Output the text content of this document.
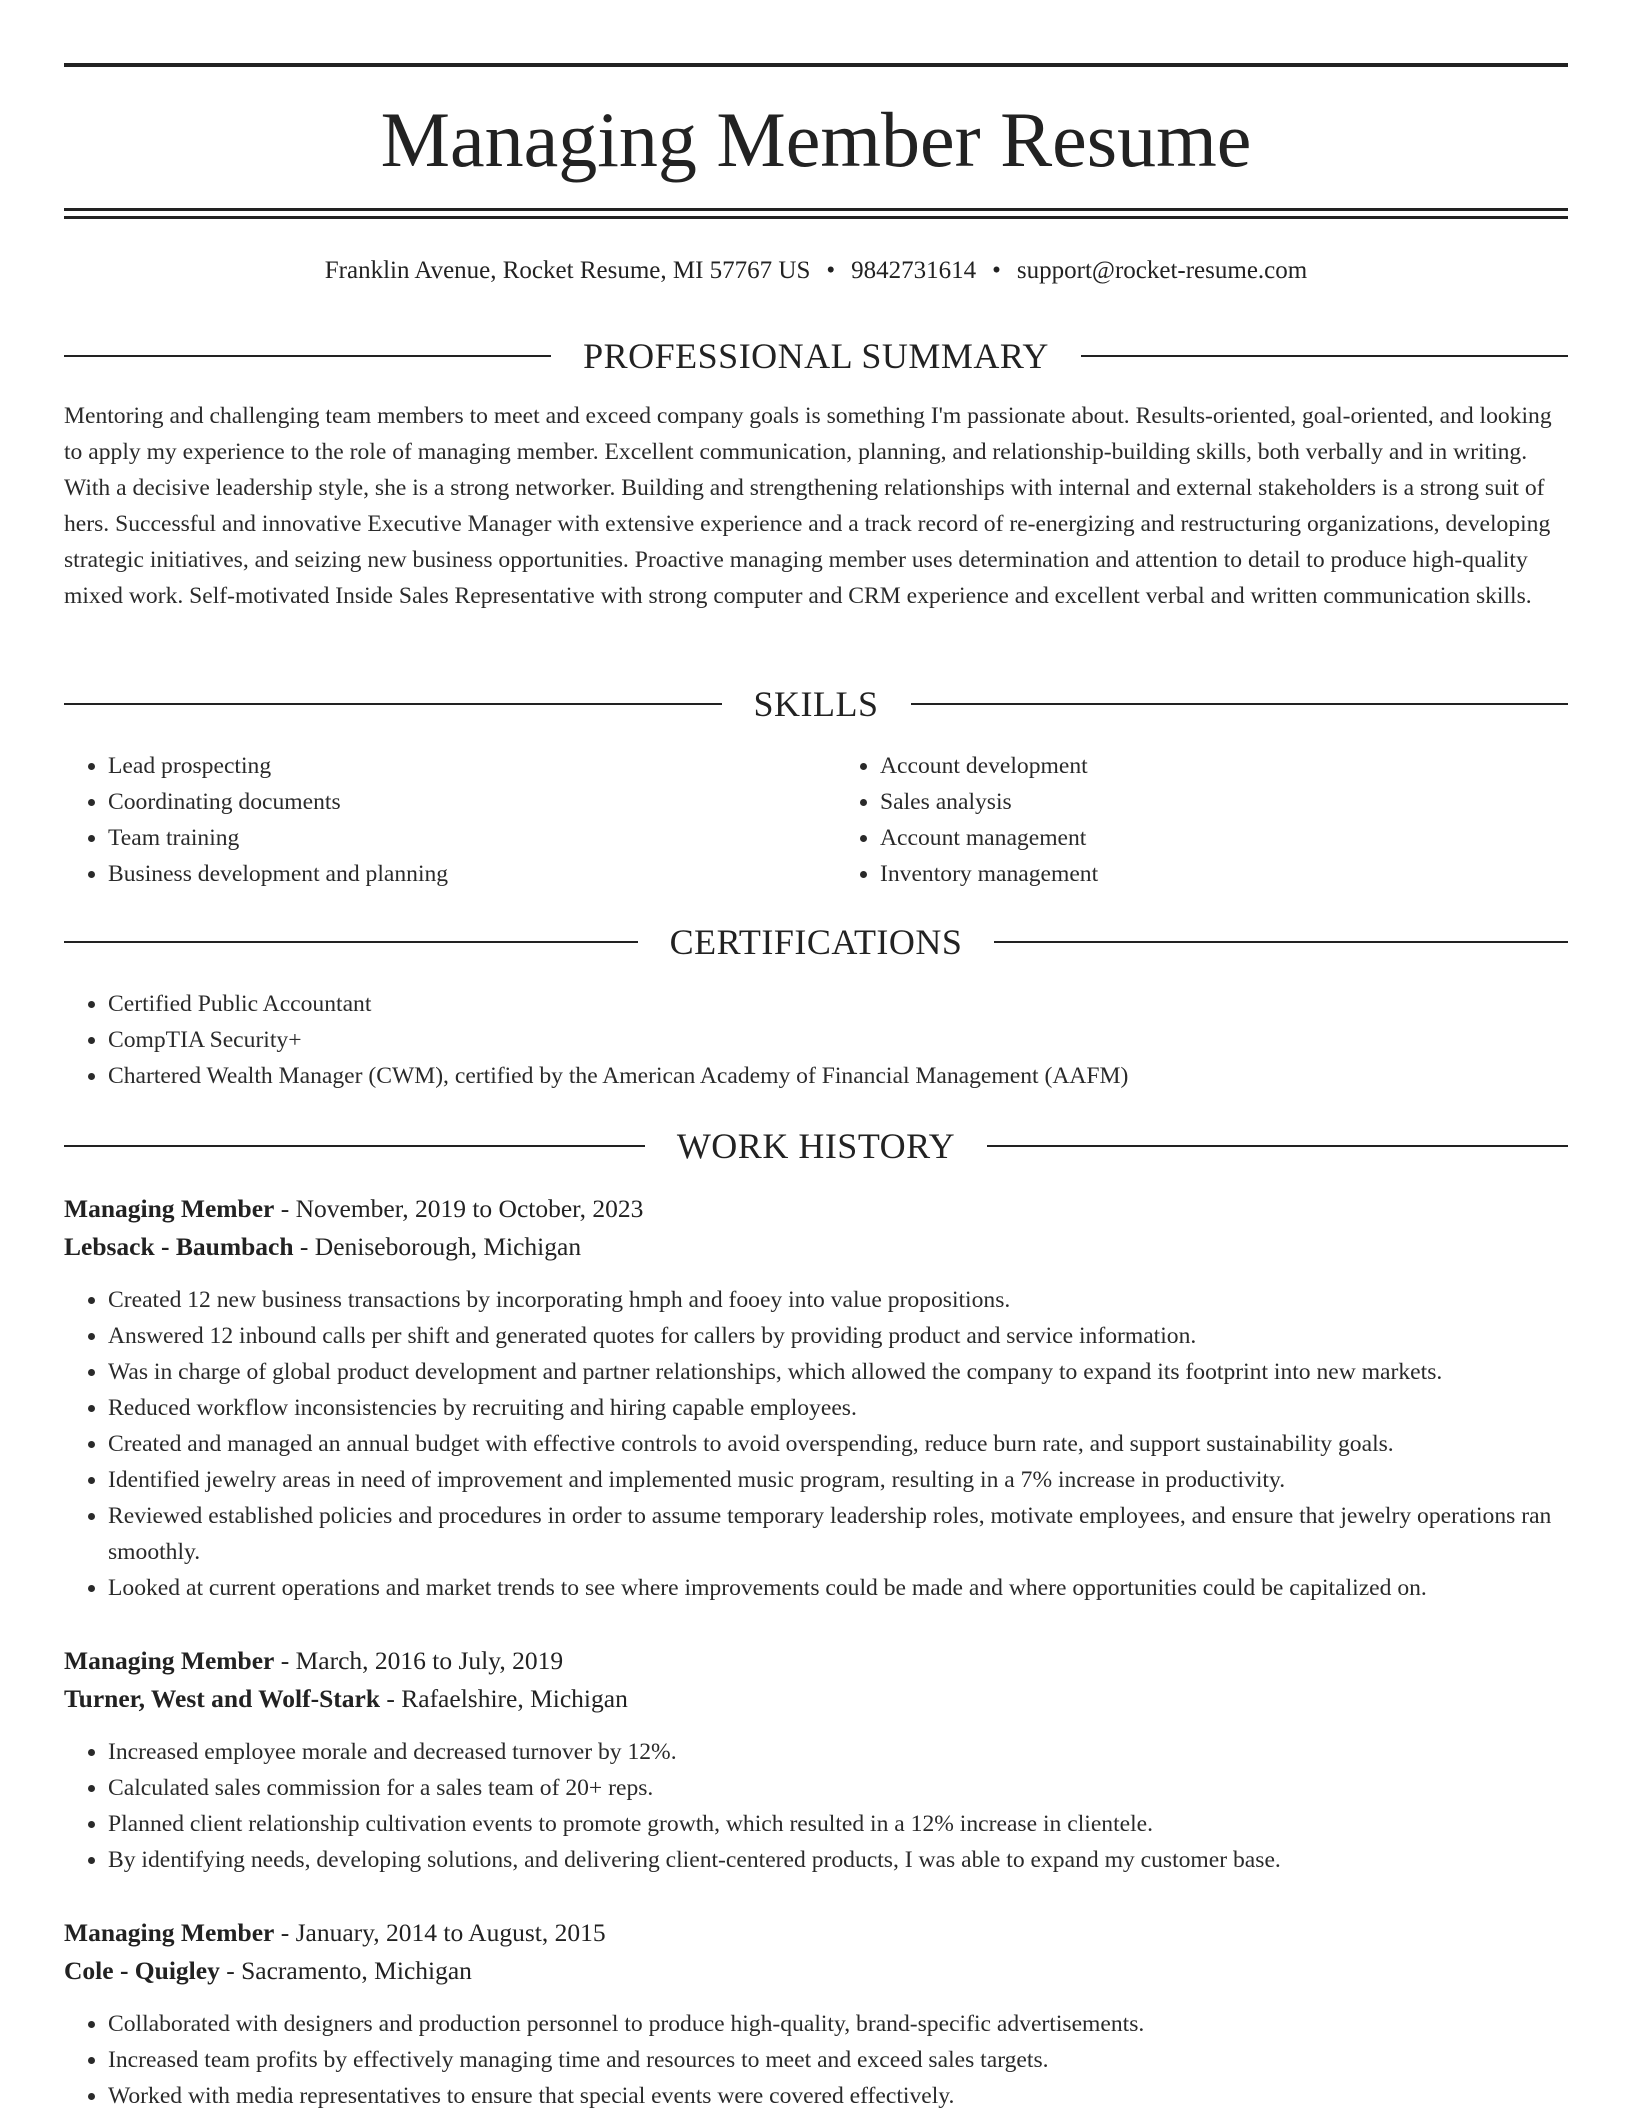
Managing Member Resume
Franklin Avenue, Rocket Resume, MI 57767 US • 9842731614 • support@rocket-resume.com
PROFESSIONAL SUMMARY

Mentoring and challenging team members to meet and exceed company goals is something I'm passionate about. Results-oriented, goal-oriented, and looking to apply my experience to the role of managing member. Excellent communication, planning, and relationship-building skills, both verbally and in writing. With a decisive leadership style, she is a strong networker. Building and strengthening relationships with internal and external stakeholders is a strong suit of hers. Successful and innovative Executive Manager with extensive experience and a track record of re-energizing and restructuring organizations, developing strategic initiatives, and seizing new business opportunities. Proactive managing member uses determination and attention to detail to produce high-quality mixed work. Self-motivated Inside Sales Representative with strong computer and CRM experience and excellent verbal and written communication skills.

SKILLS
• Lead prospecting
• Coordinating documents
• Team training
• Business development and planning
• Account development
• Sales analysis
• Account management
• Inventory management
CERTIFICATIONS
• Certified Public Accountant
• CompTIA Security+
• Chartered Wealth Manager (CWM), certified by the American Academy of Financial Management (AAFM)
WORK HISTORY
Managing Member - November, 2019 to October, 2023
Lebsack - Baumbach - Deniseborough, Michigan
• Created 12 new business transactions by incorporating hmph and fooey into value propositions.
• Answered 12 inbound calls per shift and generated quotes for callers by providing product and service information.
• Was in charge of global product development and partner relationships, which allowed the company to expand its footprint into new markets.
• Reduced workflow inconsistencies by recruiting and hiring capable employees.
• Created and managed an annual budget with effective controls to avoid overspending, reduce burn rate, and support sustainability goals.
• Identified jewelry areas in need of improvement and implemented music program, resulting in a 7% increase in productivity.
• Reviewed established policies and procedures in order to assume temporary leadership roles, motivate employees, and ensure that jewelry operations ran smoothly.
• Looked at current operations and market trends to see where improvements could be made and where opportunities could be capitalized on.
Managing Member - March, 2016 to July, 2019
Turner, West and Wolf-Stark - Rafaelshire, Michigan
• Increased employee morale and decreased turnover by 12%.
• Calculated sales commission for a sales team of 20+ reps.
• Planned client relationship cultivation events to promote growth, which resulted in a 12% increase in clientele.
• By identifying needs, developing solutions, and delivering client-centered products, I was able to expand my customer base.
Managing Member - January, 2014 to August, 2015
Cole - Quigley - Sacramento, Michigan
• Collaborated with designers and production personnel to produce high-quality, brand-specific advertisements.
• Increased team profits by effectively managing time and resources to meet and exceed sales targets.
• Worked with media representatives to ensure that special events were covered effectively.
